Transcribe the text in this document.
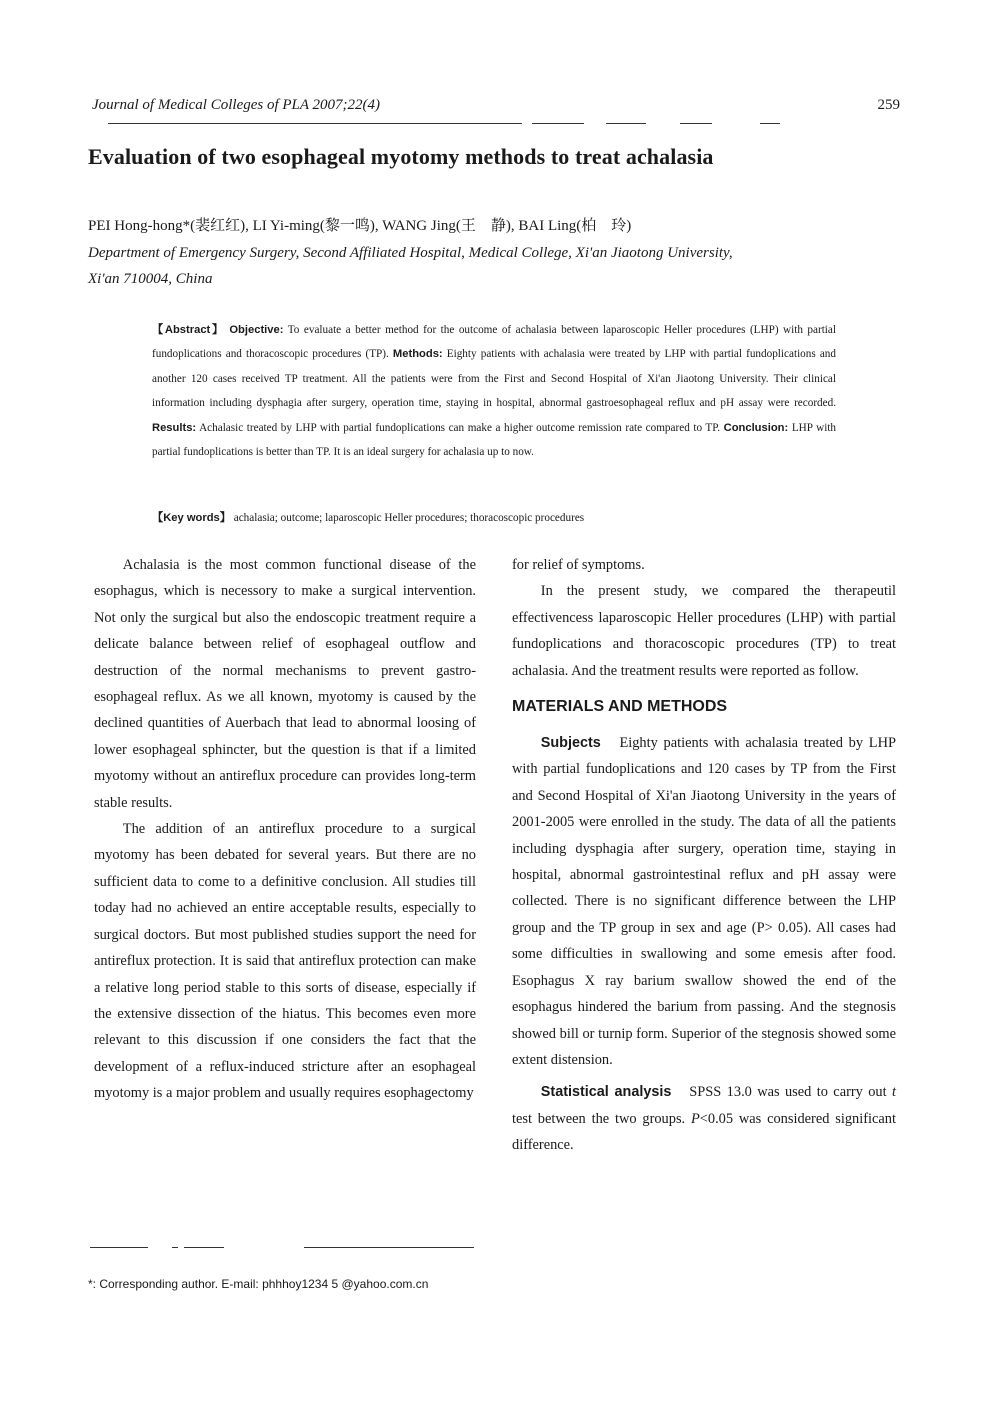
Journal of Medical Colleges of PLA 2007;22(4)	259
Evaluation of two esophageal myotomy methods to treat achalasia
PEI Hong-hong*(裴红红), LI Yi-ming(黎一鸣), WANG Jing(王　静), BAI Ling(柏　玲)
Department of Emergency Surgery, Second Affiliated Hospital, Medical College, Xi'an Jiaotong University,
Xi'an 710004, China
【Abstract】 Objective: To evaluate a better method for the outcome of achalasia between laparoscopic Heller procedures (LHP) with partial fundoplications and thoracoscopic procedures (TP). Methods: Eighty patients with achalasia were treated by LHP with partial fundoplications and another 120 cases received TP treatment. All the patients were from the First and Second Hospital of Xi'an Jiaotong University. Their clinical information including dysphagia after surgery, operation time, staying in hospital, abnormal gastroesophageal reflux and pH assay were recorded. Results: Achalasic treated by LHP with partial fundoplications can make a higher outcome remission rate compared to TP. Conclusion: LHP with partial fundoplications is better than TP. It is an ideal surgery for achalasia up to now.
【Key words】 achalasia; outcome; laparoscopic Heller procedures; thoracoscopic procedures

Achalasia is the most common functional disease of the esophagus, which is necessory to make a surgical intervention. Not only the surgical but also the endoscopic treatment require a delicate balance between relief of esophageal outflow and destruction of the normal mechanisms to prevent gastro-esophageal reflux. As we all known, myotomy is caused by the declined quantities of Auerbach that lead to abnormal loosing of lower esophageal sphincter, but the question is that if a limited myotomy without an antireflux procedure can provides long-term stable results.

The addition of an antireflux procedure to a surgical myotomy has been debated for several years. But there are no sufficient data to come to a definitive conclusion. All studies till today had no achieved an entire acceptable results, especially to surgical doctors. But most published studies support the need for antireflux protection. It is said that antireflux protection can make a relative long period stable to this sorts of disease, especially if the extensive dissection of the hiatus. This becomes even more relevant to this discussion if one considers the fact that the development of a reflux-induced stricture after an esophageal myotomy is a major problem and usually requires esophagectomy

for relief of symptoms.

In the present study, we compared the therapeutil effectivencess laparoscopic Heller procedures (LHP) with partial fundoplications and thoracoscopic procedures (TP) to treat achalasia. And the treatment results were reported as follow.

MATERIALS AND METHODS

Subjects　Eighty patients with achalasia treated by LHP with partial fundoplications and 120 cases by TP from the First and Second Hospital of Xi'an Jiaotong University in the years of 2001-2005 were enrolled in the study. The data of all the patients including dysphagia after surgery, operation time, staying in hospital, abnormal gastrointestinal reflux and pH assay were collected. There is no significant difference between the LHP group and the TP group in sex and age (P> 0.05). All cases had some difficulties in swallowing and some emesis after food. Esophagus X ray barium swallow showed the end of the esophagus hindered the barium from passing. And the stegnosis showed bill or turnip form. Superior of the stegnosis showed some extent distension.

Statistical analysis　SPSS 13.0 was used to carry out t test between the two groups. P<0.05 was considered significant difference.

*: Corresponding author. E-mail: phhhoy1234 5 @yahoo.com.cn
